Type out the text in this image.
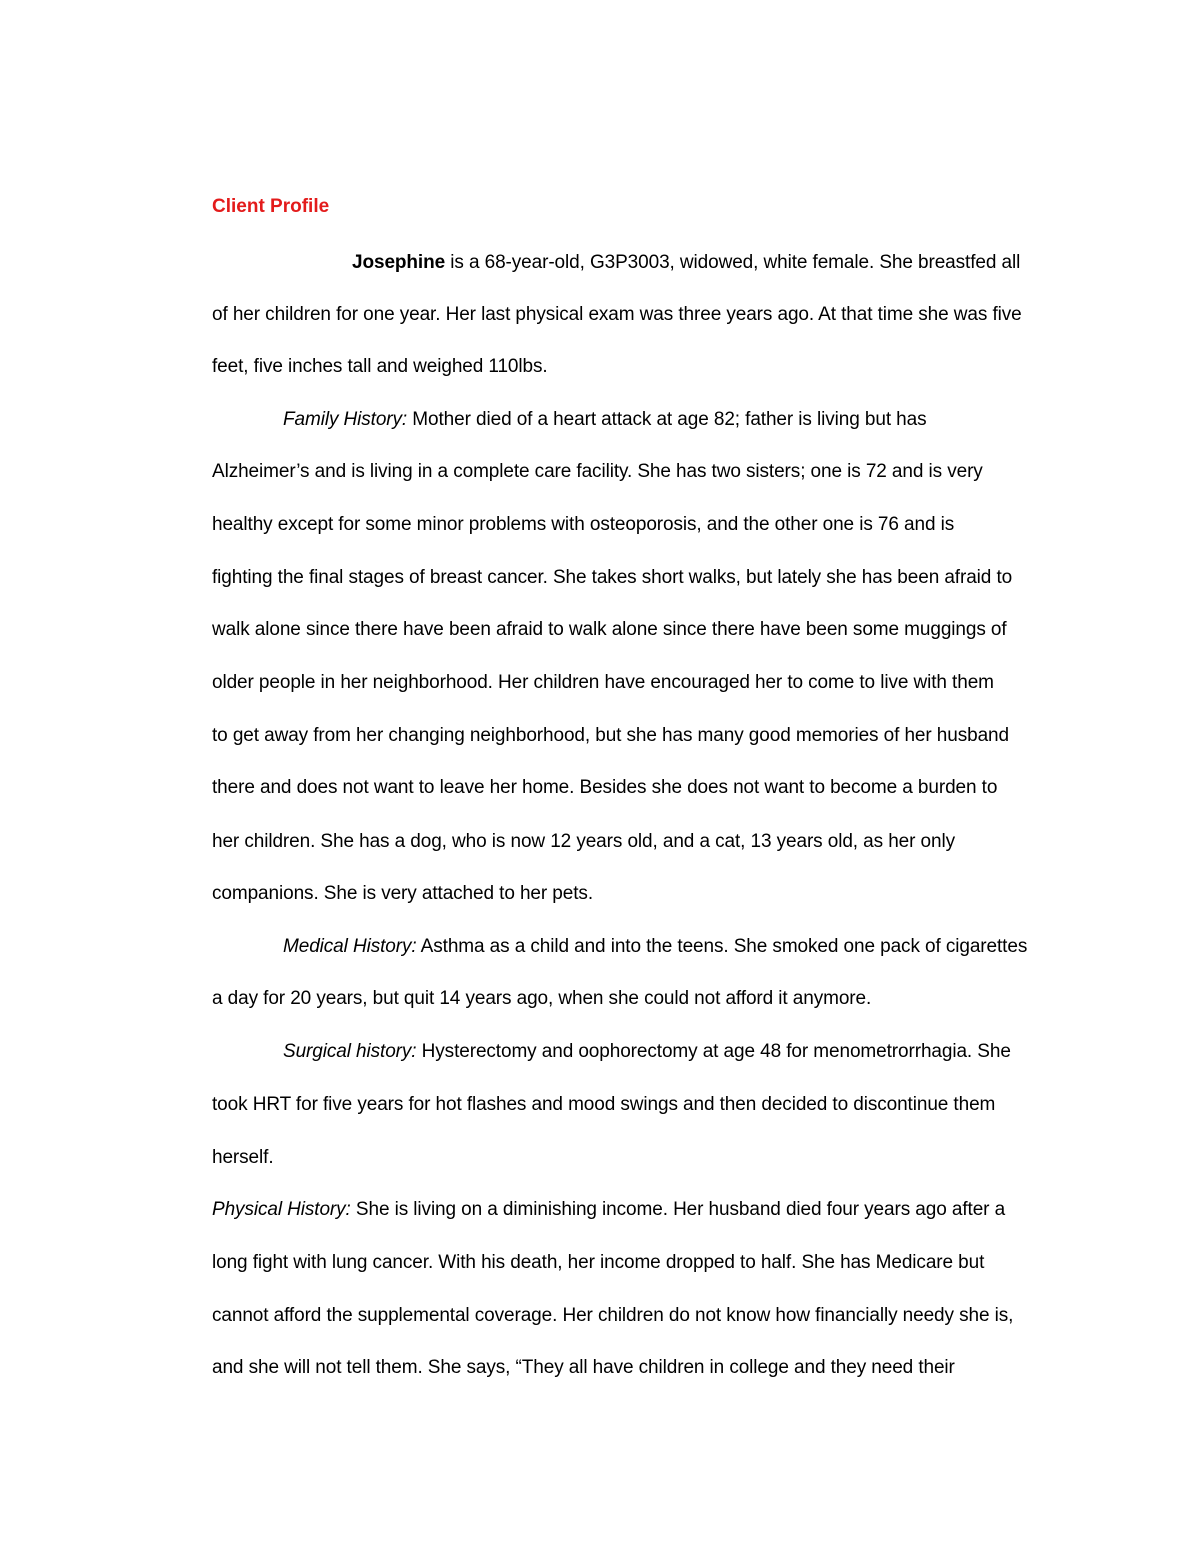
Client Profile
Josephine is a 68-year-old, G3P3003, widowed, white female. She breastfed all
of her children for one year. Her last physical exam was three years ago. At that time she was five
feet, five inches tall and weighed 110lbs.
Family History: Mother died of a heart attack at age 82; father is living but has
Alzheimer’s and is living in a complete care facility. She has two sisters; one is 72 and is very
healthy except for some minor problems with osteoporosis, and the other one is 76 and is
fighting the final stages of breast cancer. She takes short walks, but lately she has been afraid to
walk alone since there have been afraid to walk alone since there have been some muggings of
older people in her neighborhood. Her children have encouraged her to come to live with them
to get away from her changing neighborhood, but she has many good memories of her husband
there and does not want to leave her home. Besides she does not want to become a burden to
her children. She has a dog, who is now 12 years old, and a cat, 13 years old, as her only
companions. She is very attached to her pets.
Medical History: Asthma as a child and into the teens. She smoked one pack of cigarettes
a day for 20 years, but quit 14 years ago, when she could not afford it anymore.
Surgical history: Hysterectomy and oophorectomy at age 48 for menometrorrhagia. She
took HRT for five years for hot flashes and mood swings and then decided to discontinue them
herself.
Physical History: She is living on a diminishing income. Her husband died four years ago after a
long fight with lung cancer. With his death, her income dropped to half. She has Medicare but
cannot afford the supplemental coverage. Her children do not know how financially needy she is,
and she will not tell them. She says, “They all have children in college and they need their
